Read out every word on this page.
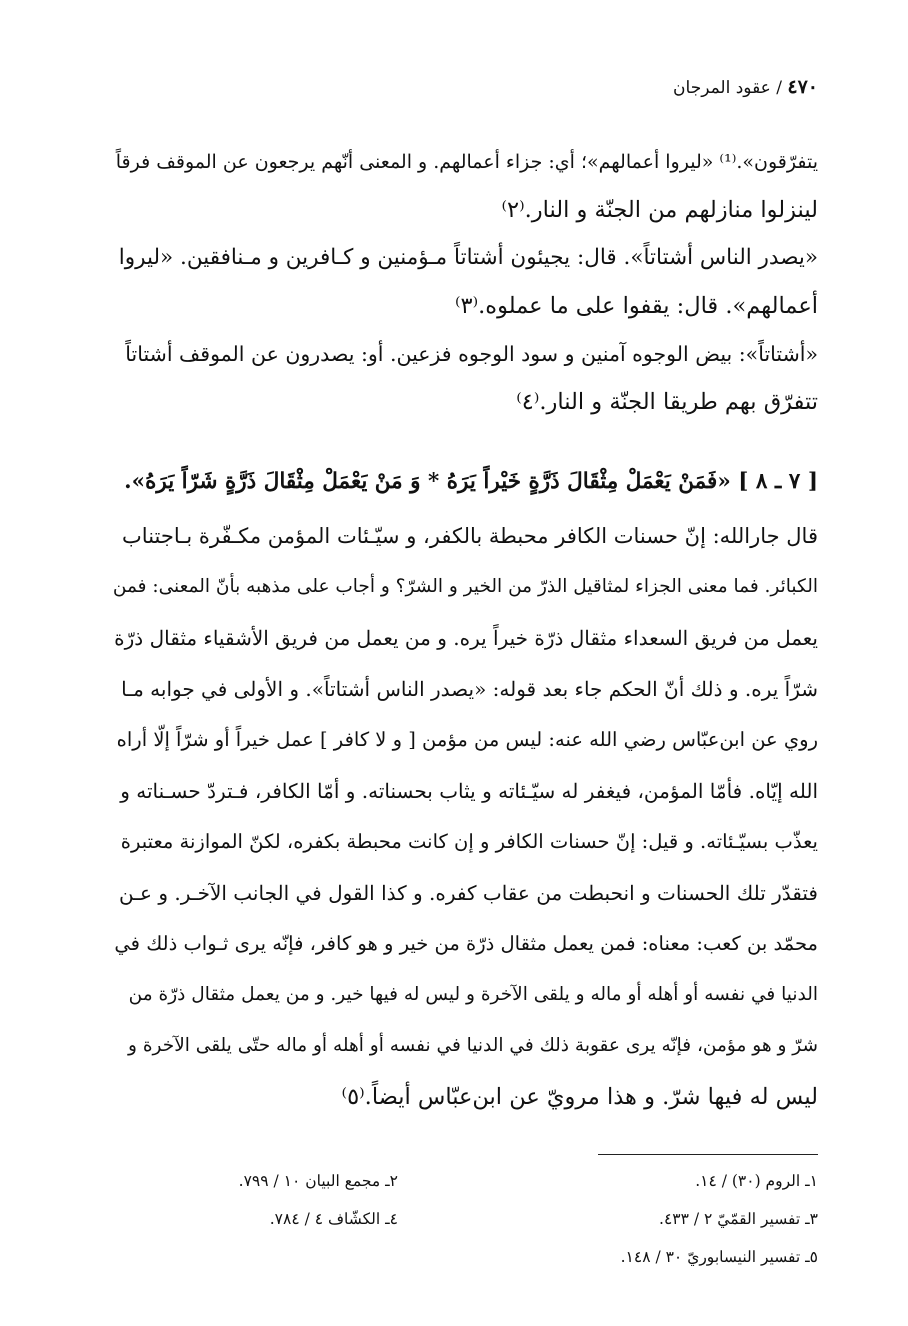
٤٧٠ / عقود المرجان
يتفرّقون».⁽¹⁾ «ليروا أعمالهم»؛ أي: جزاء أعمالهم. و المعنى أنّهم يرجعون عن الموقف فرقاً
لينزلوا منازلهم من الجنّة و النار.⁽٢⁾
«يصدر الناس أشتاتاً». قال: يجيئون أشتاتاً مـؤمنين و كـافرين و مـنافقين. «ليروا
أعمالهم». قال: يقفوا على ما عملوه.⁽٣⁾
«أشتاتاً»: بيض الوجوه آمنين و سود الوجوه فزعين. أو: يصدرون عن الموقف أشتاتاً
تتفرّق بهم طريقا الجنّة و النار.⁽٤⁾
[ ٧ ـ ٨ ] «فَمَنْ يَعْمَلْ مِثْقَالَ ذَرَّةٍ خَيْراً يَرَهُ * وَ مَنْ يَعْمَلْ مِثْقَالَ ذَرَّةٍ شَرّاً يَرَهُ».
قال جارالله: إنّ حسنات الكافر محبطة بالكفر، و سيّـئات المؤمن مكـفّرة بـاجتناب
الكبائر. فما معنى الجزاء لمثاقيل الذرّ من الخير و الشرّ؟ و أجاب على مذهبه بأنّ المعنى: فمن
يعمل من فريق السعداء مثقال ذرّة خيراً يره. و من يعمل من فريق الأشقياء مثقال ذرّة
شرّاً يره. و ذلك أنّ الحكم جاء بعد قوله: «يصدر الناس أشتاتاً». و الأولى في جوابه مـا
روي عن ابن‌عبّاس رضي الله عنه: ليس من مؤمن [ و لا كافر ] عمل خيراً أو شرّاً إلّا أراه
الله إيّاه. فأمّا المؤمن، فيغفر له سيّـئاته و يثاب بحسناته. و أمّا الكافر، فـتردّ حسـناته و
يعذّب بسيّـئاته. و قيل: إنّ حسنات الكافر و إن كانت محبطة بكفره، لكنّ الموازنة معتبرة
فتقدّر تلك الحسنات و انحبطت من عقاب كفره. و كذا القول في الجانب الآخـر. و عـن
محمّد بن كعب: معناه: فمن يعمل مثقال ذرّة من خير و هو كافر، فإنّه يرى ثـواب ذلك في
الدنيا في نفسه أو أهله أو ماله و يلقى الآخرة و ليس له فيها خير. و من يعمل مثقال ذرّة من
شرّ و هو مؤمن، فإنّه يرى عقوبة ذلك في الدنيا في نفسه أو أهله أو ماله حتّى يلقى الآخرة و
ليس له فيها شرّ. و هذا مرويّ عن ابن‌عبّاس أيضاً.⁽٥⁾
١ـ الروم (٣٠) / ١٤.
٢ـ مجمع البيان ١٠ / ٧٩٩.
٣ـ تفسير القمّيّ ٢ / ٤٣٣.
٤ـ الكشّاف ٤ / ٧٨٤.
٥ـ تفسير النيسابوريّ ٣٠ / ١٤٨.
